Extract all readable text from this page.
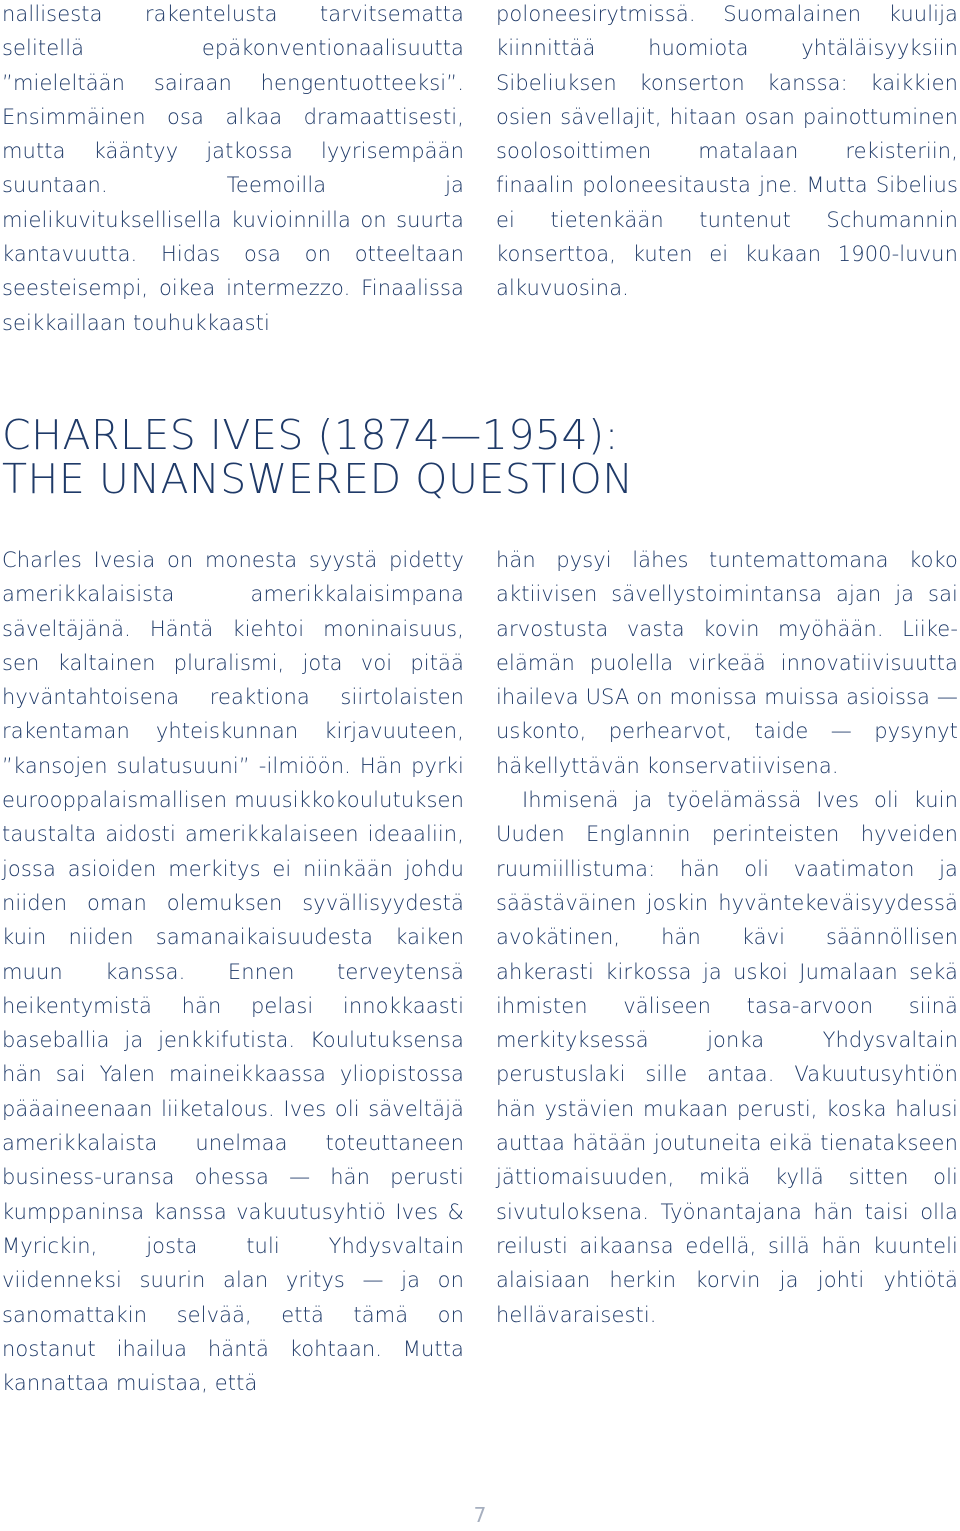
nallisesta rakentelusta tarvitsematta selitellä epäkonventionaalisuutta ”mieleltään sairaan hengentuotteeksi”. Ensimmäinen osa alkaa dramaattisesti, mutta kääntyy jatkossa lyyrisempään suuntaan. Teemoilla ja mielikuvituksellisella kuvioinnilla on suurta kantavuutta. Hidas osa on otteeltaan seesteisempi, oikea intermezzo. Finaalissa seikkaillaan touhukkaasti

poloneesirytmissä. Suomalainen kuulija kiinnittää huomiota yhtäläisyyksiin Sibeliuksen konserton kanssa: kaikkien osien sävellajit, hitaan osan painottuminen soolosoittimen matalaan rekisteriin, finaalin poloneesitausta jne. Mutta Sibelius ei tietenkään tuntenut Schumannin konserttoa, kuten ei kukaan 1900-luvun alkuvuosina.

CHARLES IVES (1874—1954):
THE UNANSWERED QUESTION

Charles Ivesia on monesta syystä pidetty amerikkalaisista amerikkalaisimpana säveltäjänä. Häntä kiehtoi moninaisuus, sen kaltainen pluralismi, jota voi pitää hyväntahtoisena reaktiona siirtolaisten rakentaman yhteiskunnan kirjavuuteen, ”kansojen sulatusuuni” -ilmiöön. Hän pyrki eurooppalaismallisen muusikkokoulutuksen taustalta aidosti amerikkalaiseen ideaaliin, jossa asioiden merkitys ei niinkään johdu niiden oman olemuksen syvällisyydestä kuin niiden samanaikaisuudesta kaiken muun kanssa. Ennen terveytensä heikentymistä hän pelasi innokkaasti baseballia ja jenkkifutista. Koulutuksensa hän sai Yalen maineikkaassa yliopistossa pääaineenaan liiketalous. Ives oli säveltäjä amerikkalaista unelmaa toteuttaneen business-uransa ohessa — hän perusti kumppaninsa kanssa vakuutusyhtiö Ives & Myrickin, josta tuli Yhdysvaltain viidenneksi suurin alan yritys — ja on sanomattakin selvää, että tämä on nostanut ihailua häntä kohtaan. Mutta kannattaa muistaa, että

hän pysyi lähes tuntemattomana koko aktiivisen sävellystoimintansa ajan ja sai arvostusta vasta kovin myöhään. Liike-elämän puolella virkeää innovatiivisuutta ihaileva USA on monissa muissa asioissa — uskonto, perhearvot, taide — pysynyt häkellyttävän konservatiivisena.

Ihmisenä ja työelämässä Ives oli kuin Uuden Englannin perinteisten hyveiden ruumiillistuma: hän oli vaatimaton ja säästäväinen joskin hyväntekeväisyydessä avokätinen, hän kävi säännöllisen ahkerasti kirkossa ja uskoi Jumalaan sekä ihmisten väliseen tasa-arvoon siinä merkityksessä jonka Yhdysvaltain perustuslaki sille antaa. Vakuutusyhtiön hän ystävien mukaan perusti, koska halusi auttaa hätään joutuneita eikä tienatakseen jättiomaisuuden, mikä kyllä sitten oli sivutuloksena. Työnantajana hän taisi olla reilusti aikaansa edellä, sillä hän kuunteli alaisiaan herkin korvin ja johti yhtiötä hellävaraisesti.

7
